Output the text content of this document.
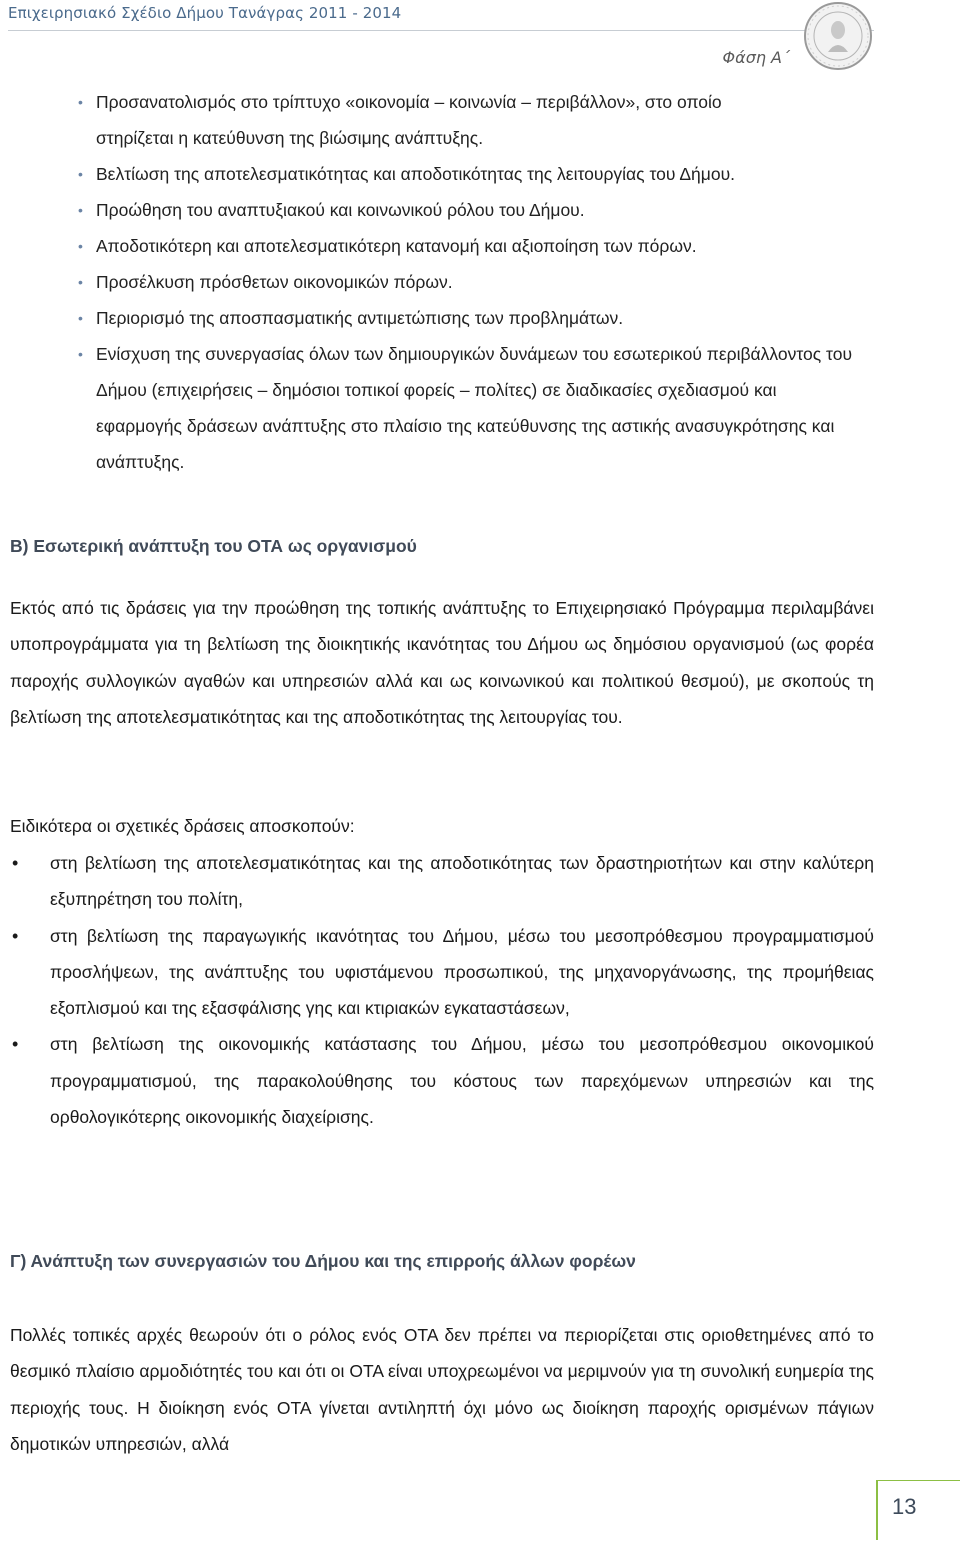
Επιχειρησιακό Σχέδιο Δήμου Τανάγρας 2011 - 2014
Φάση Α΄
• Προσανατολισμός στο τρίπτυχο «οικονομία – κοινωνία – περιβάλλον», στο οποίο
στηρίζεται η κατεύθυνση της βιώσιμης ανάπτυξης.
• Βελτίωση της αποτελεσματικότητας και αποδοτικότητας της λειτουργίας του Δήμου.
• Προώθηση του αναπτυξιακού και κοινωνικού ρόλου του Δήμου.
• Αποδοτικότερη και αποτελεσματικότερη κατανομή και αξιοποίηση των πόρων.
• Προσέλκυση πρόσθετων οικονομικών πόρων.
• Περιορισμό της αποσπασματικής αντιμετώπισης των προβλημάτων.
• Ενίσχυση της συνεργασίας όλων των δημιουργικών δυνάμεων του εσωτερικού περιβάλλοντος του Δήμου (επιχειρήσεις – δημόσιοι τοπικοί φορείς – πολίτες) σε διαδικασίες σχεδιασμού και εφαρμογής δράσεων ανάπτυξης στο πλαίσιο της κατεύθυνσης της αστικής ανασυγκρότησης και ανάπτυξης.
Β) Εσωτερική ανάπτυξη του ΟΤΑ ως οργανισμού
Εκτός από τις δράσεις για την προώθηση της τοπικής ανάπτυξης το Επιχειρησιακό Πρόγραμμα περιλαμβάνει υποπρογράμματα για τη βελτίωση της διοικητικής ικανότητας του Δήμου ως δημόσιου οργανισμού (ως φορέα παροχής συλλογικών αγαθών και υπηρεσιών αλλά και ως κοινωνικού και πολιτικού θεσμού), με σκοπούς τη βελτίωση της αποτελεσματικότητας και της αποδοτικότητας της λειτουργίας του.
Ειδικότερα οι σχετικές δράσεις αποσκοπούν:
• στη βελτίωση της αποτελεσματικότητας και της αποδοτικότητας των δραστηριοτήτων και στην καλύτερη εξυπηρέτηση του πολίτη,
• στη βελτίωση της παραγωγικής ικανότητας του Δήμου, μέσω του μεσοπρόθεσμου προγραμματισμού προσλήψεων, της ανάπτυξης του υφιστάμενου προσωπικού, της μηχανοργάνωσης, της προμήθειας εξοπλισμού και της εξασφάλισης γης και κτιριακών εγκαταστάσεων,
• στη βελτίωση της οικονομικής κατάστασης του Δήμου, μέσω του μεσοπρόθεσμου οικονομικού προγραμματισμού, της παρακολούθησης του κόστους των παρεχόμενων υπηρεσιών και της ορθολογικότερης οικονομικής διαχείρισης.
Γ) Ανάπτυξη των συνεργασιών του Δήμου και της επιρροής άλλων φορέων
Πολλές τοπικές αρχές θεωρούν ότι ο ρόλος ενός ΟΤΑ δεν πρέπει να περιορίζεται στις οριοθετημένες από το θεσμικό πλαίσιο αρμοδιότητές του και ότι οι ΟΤΑ είναι υποχρεωμένοι να μεριμνούν για τη συνολική ευημερία της περιοχής τους. Η διοίκηση ενός ΟΤΑ γίνεται αντιληπτή όχι μόνο ως διοίκηση παροχής ορισμένων πάγιων δημοτικών υπηρεσιών, αλλά
13
